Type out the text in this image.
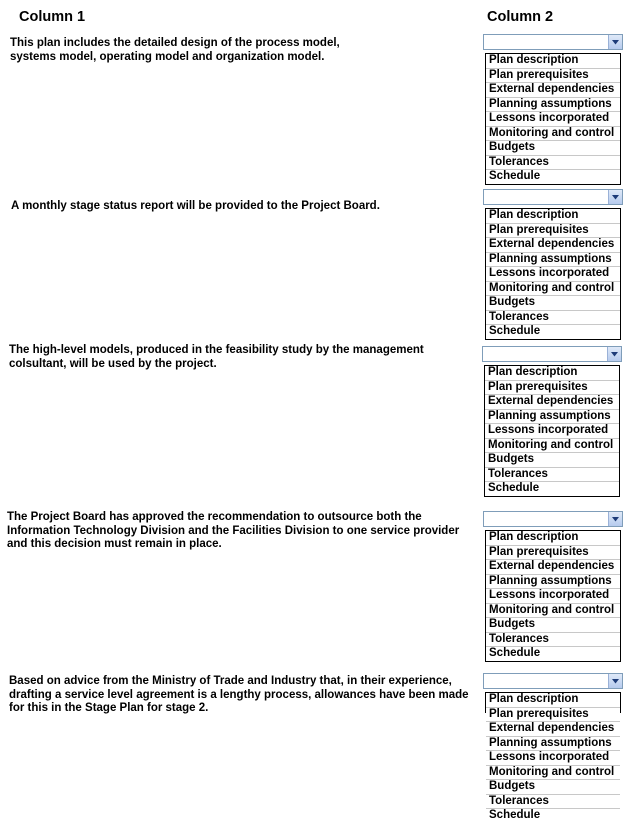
Column 1	Column 2
This plan includes the detailed design of the process model,
systems model, operating model and organization model.	Plan description
Plan prerequisites
External dependencies
Planning assumptions
Lessons incorporated
Monitoring and control
Budgets
Tolerances
Schedule
A monthly stage status report will be provided to the Project Board.
Plan description
Plan prerequisites
External dependencies
Planning assumptions
Lessons incorporated
Monitoring and control
Budgets
Tolerances
Schedule
The high-level models, produced in the feasibility study by the management
colsultant, will be used by the project.
Plan description
Plan prerequisites
External dependencies
Planning assumptions
Lessons incorporated
Monitoring and control
Budgets
Tolerances
Schedule
The Project Board has approved the recommendation to outsource both the
Information Technology Division and the Facilities Division to one service provider
and this decision must remain in place.
Plan description
Plan prerequisites
External dependencies
Planning assumptions
Lessons incorporated
Monitoring and control
Budgets
Tolerances
Schedule
Based on advice from the Ministry of Trade and Industry that, in their experience,
drafting a service level agreement is a lengthy process, allowances have been made
for this in the Stage Plan for stage 2.
Plan description
Plan prerequisites
External dependencies
Planning assumptions
Lessons incorporated
Monitoring and control
Budgets
Tolerances
Schedule
